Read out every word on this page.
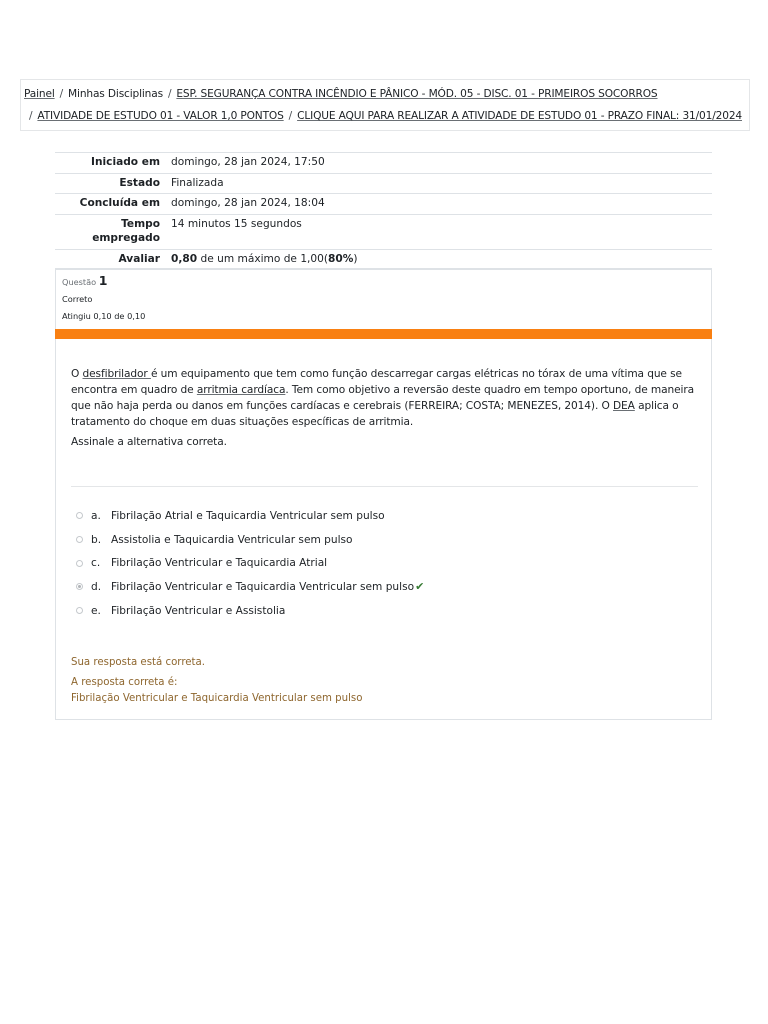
Painel / Minhas Disciplinas / ESP. SEGURANÇA CONTRA INCÊNDIO E PÂNICO - MÓD. 05 - DISC. 01 - PRIMEIROS SOCORROS
/ ATIVIDADE DE ESTUDO 01 - VALOR 1,0 PONTOS / CLIQUE AQUI PARA REALIZAR A ATIVIDADE DE ESTUDO 01 - PRAZO FINAL: 31/01/2024
Iniciado em	domingo, 28 jan 2024, 17:50
Estado	Finalizada
Concluída em	domingo, 28 jan 2024, 18:04
Tempo
empregado	14 minutos 15 segundos
Avaliar	0,80 de um máximo de 1,00(80%)
Questão 1
Correto
Atingiu 0,10 de 0,10

O desfibrilador é um equipamento que tem como função descarregar cargas elétricas no tórax de uma vítima que se encontra em quadro de arritmia cardíaca. Tem como objetivo a reversão deste quadro em tempo oportuno, de maneira que não haja perda ou danos em funções cardíacas e cerebrais (FERREIRA; COSTA; MENEZES, 2014). O DEA aplica o tratamento do choque em duas situações específicas de arritmia.

Assinale a alternativa correta.

a. Fibrilação Atrial e Taquicardia Ventricular sem pulso
b. Assistolia e Taquicardia Ventricular sem pulso
c.	Fibrilação Ventricular e Taquicardia Atrial
d. Fibrilação Ventricular e Taquicardia Ventricular sem pulso ✔
e. Fibrilação Ventricular e Assistolia
Sua resposta está correta.
A resposta correta é:
Fibrilação Ventricular e Taquicardia Ventricular sem pulso
